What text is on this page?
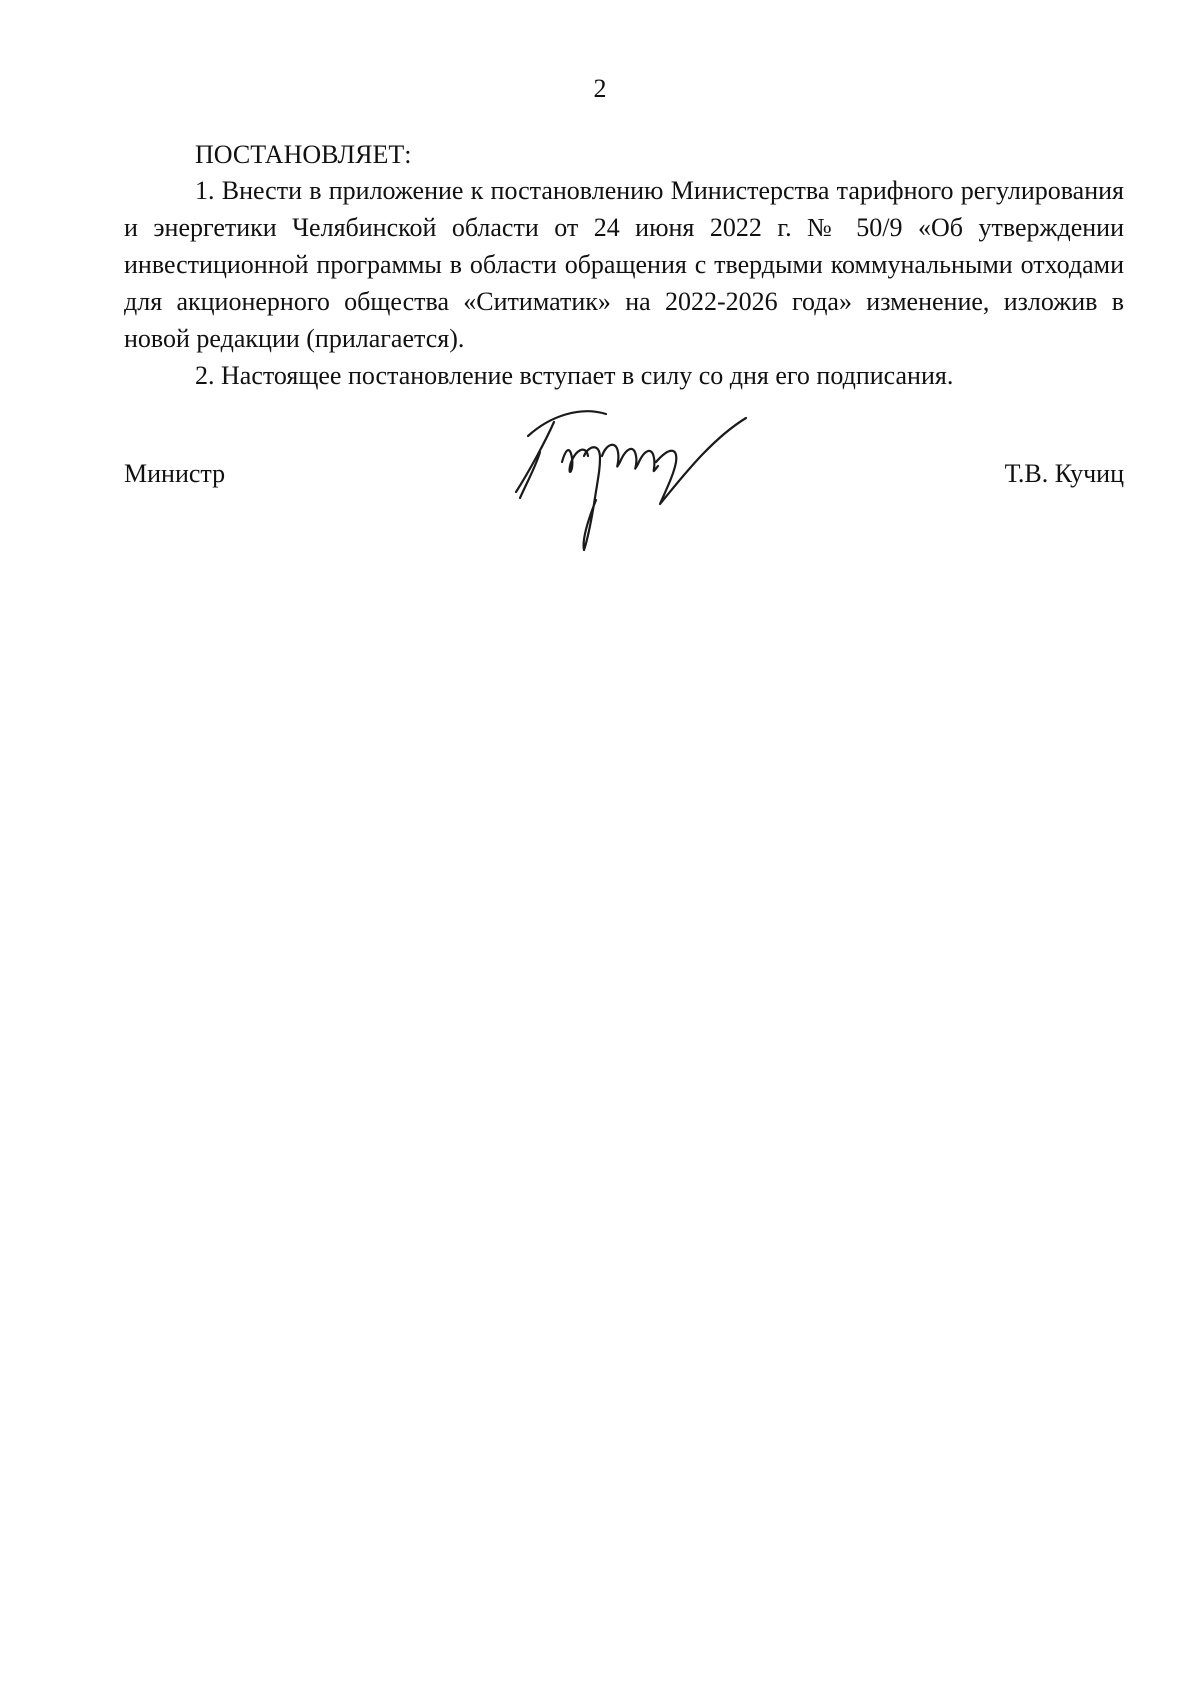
2

ПОСТАНОВЛЯЕТ:

1. Внести в приложение к постановлению Министерства тарифного регулирования и энергетики Челябинской области от 24 июня 2022 г. № 50/9 «Об утверждении инвестиционной программы в области обращения с твердыми коммунальными отходами для акционерного общества «Ситиматик» на 2022-2026 года» изменение, изложив в новой редакции (прилагается).

2. Настоящее постановление вступает в силу со дня его подписания.

Министр	Т.В. Кучиц
